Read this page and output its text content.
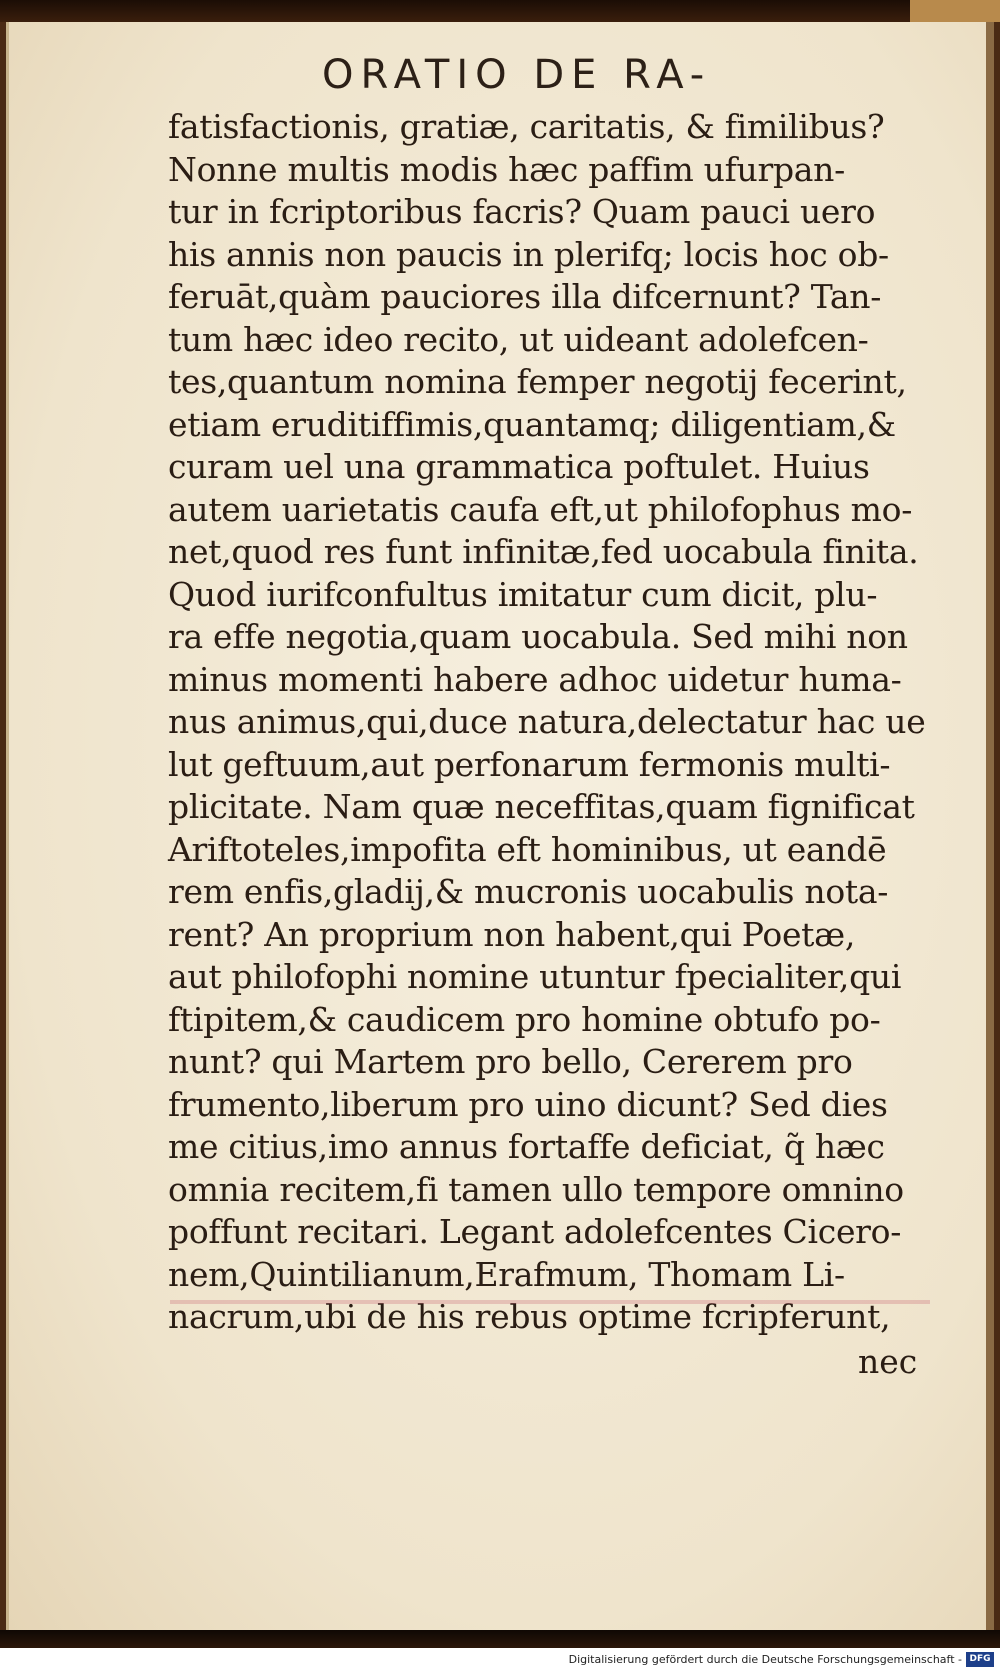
ORATIO DE RA-
fatisfactionis, gratiæ, caritatis, & fimilibus?
Nonne multis modis hæc paffim ufurpan-
tur in fcriptoribus facris? Quam pauci uero
his annis non paucis in plerifq; locis hoc ob-
feruāt,quàm pauciores illa difcernunt? Tan-
tum hæc ideo recito, ut uideant adolefcen-
tes,quantum nomina femper negotij fecerint,
etiam eruditiffimis,quantamq; diligentiam,&
curam uel una grammatica poftulet. Huius
autem uarietatis caufa eft,ut philofophus mo-
net,quod res funt infinitæ,fed uocabula finita.
Quod iurifconfultus imitatur cum dicit, plu-
ra effe negotia,quam uocabula. Sed mihi non
minus momenti habere adhoc uidetur huma-
nus animus,qui,duce natura,delectatur hac ue
lut geftuum,aut perfonarum fermonis multi-
plicitate. Nam quæ neceffitas,quam fignificat
Ariftoteles,impofita eft hominibus, ut eandē
rem enfis,gladij,& mucronis uocabulis nota-
rent? An proprium non habent,qui Poetæ,
aut philofophi nomine utuntur fpecialiter,qui
ftipitem,& caudicem pro homine obtufo po-
nunt? qui Martem pro bello, Cererem pro
frumento,liberum pro uino dicunt? Sed dies
me citius,imo annus fortaffe deficiat, q̃ hæc
omnia recitem,fi tamen ullo tempore omnino
poffunt recitari. Legant adolefcentes Cicero-
nem,Quintilianum,Erafmum, Thomam Li-
nacrum,ubi de his rebus optime fcripferunt,
nec
Digitalisierung gefördert durch die Deutsche Forschungsgemeinschaft - DFG
